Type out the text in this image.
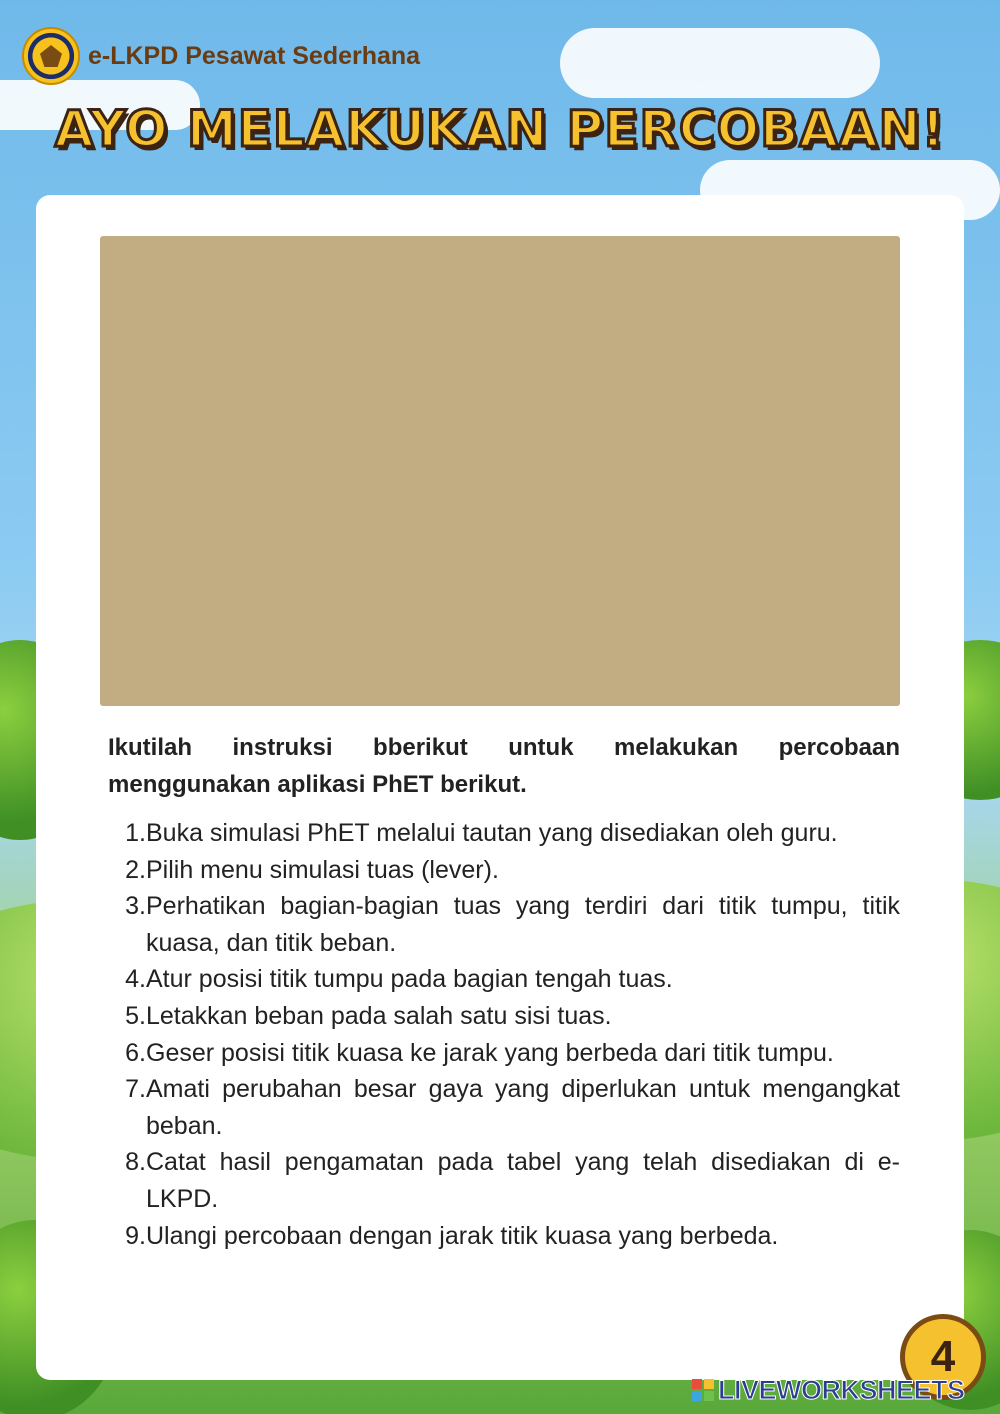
e-LKPD Pesawat Sederhana
AYO MELAKUKAN PERCOBAAN!

Ikutilah instruksi bberikut untuk melakukan percobaan menggunakan aplikasi PhET berikut.

1. Buka simulasi PhET melalui tautan yang disediakan oleh guru.
2. Pilih menu simulasi tuas (lever).
3. Perhatikan bagian-bagian tuas yang terdiri dari titik tumpu, titik kuasa, dan titik beban.
4. Atur posisi titik tumpu pada bagian tengah tuas.
5. Letakkan beban pada salah satu sisi tuas.
6. Geser posisi titik kuasa ke jarak yang berbeda dari titik tumpu.
7. Amati perubahan besar gaya yang diperlukan untuk mengangkat beban.
8. Catat hasil pengamatan pada tabel yang telah disediakan di e-LKPD.
9. Ulangi percobaan dengan jarak titik kuasa yang berbeda.
4
LIVEWORKSHEETS
